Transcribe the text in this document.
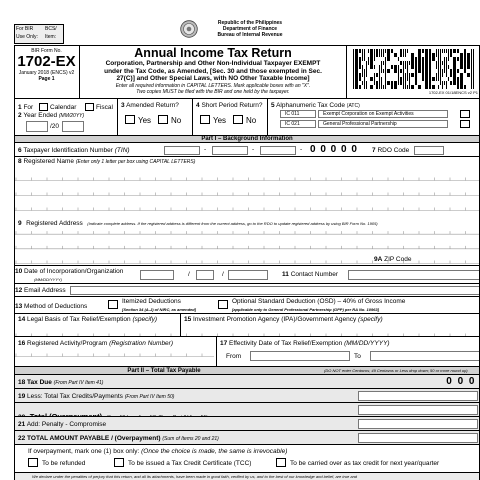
For BIR
Use Only:
BCS/
Item:
Republic of the Philippines
Department of Finance
Bureau of Internal Revenue
BIR Form No.
1702-EX
January 2018 (ENCS) v2
Page 1
Annual Income Tax Return
Corporation, Partnership and Other Non-Individual Taxpayer EXEMPT
under the Tax Code, as Amended, [Sec. 30 and those exempted in Sec.
27(C)] and Other Special Laws, with NO Other Taxable Income]
Enter all required information in CAPITAL LETTERS. Mark applicable boxes with an "X".
Two copies MUST be filed with the BIR and one held by the taxpayer.	1702-EX 01/18ENCS v2 P1
1 For	Calendar	Fiscal
2 Year Ended (MM/20YY)
/20
3 Amended Return?
Yes No
4 Short Period Return?
Yes No
5 Alphanumeric Tax Code (ATC)
IC 011	Exempt Corporation on Exempt Activities
IC 021	General Professional Partnership
Part I – Background Information
6 Taxpayer Identification Number (TIN)	-	-	- 0 0 0 0 0 7 RDO Code
8 Registered Name (Enter only 1 letter per box using CAPITAL LETTERS)
9 Registered Address (Indicate complete address. If the registered address is different from the current address, go to the RDO to update registered address by using BIR Form No. 1905)
9A ZIP Code
10 Date of Incorporation/Organization
(MM/DD/YYYY)
/	/	11 Contact Number
12 Email Address
13 Method of Deductions
Itemized Deductions
[Section 34 (A-J) of NIRC, as amended]
Optional Standard Deduction (OSD) – 40% of Gross Income
[applicable only to General Professional Partnership (GPP) per RA No. 10963]
14 Legal Basis of Tax Relief/Exemption (specify)	15 Investment Promotion Agency (IPA)/Government Agency (specify)
16 Registered Activity/Program (Registration Number)	17 Effectivity Date of Tax Relief/Exemption (MM/DD/YYYY)
From	To
Part II – Total Tax Payable	(DO NOT enter Centavos; 49 Centavos or Less drop down; 50 or more round up)
18 Tax Due (From Part IV Item 41)	0 0 0
19 Less: Total Tax Credits/Payments (From Part IV Item 50)
21 Add: Penalty - Compromise
22 TOTAL AMOUNT PAYABLE / (Overpayment) (Sum of Items 20 and 21)
If overpayment, mark one (1) box only: (Once the choice is made, the same is irrevocable)
To be refunded	To be issued a Tax Credit Certificate (TCC)	To be carried over as tax credit for next year/quarter
We declare under the penalties of perjury that this return, and all its attachments, have been made in good faith, verified by us, and to the best of our knowledge and belief, are true and
